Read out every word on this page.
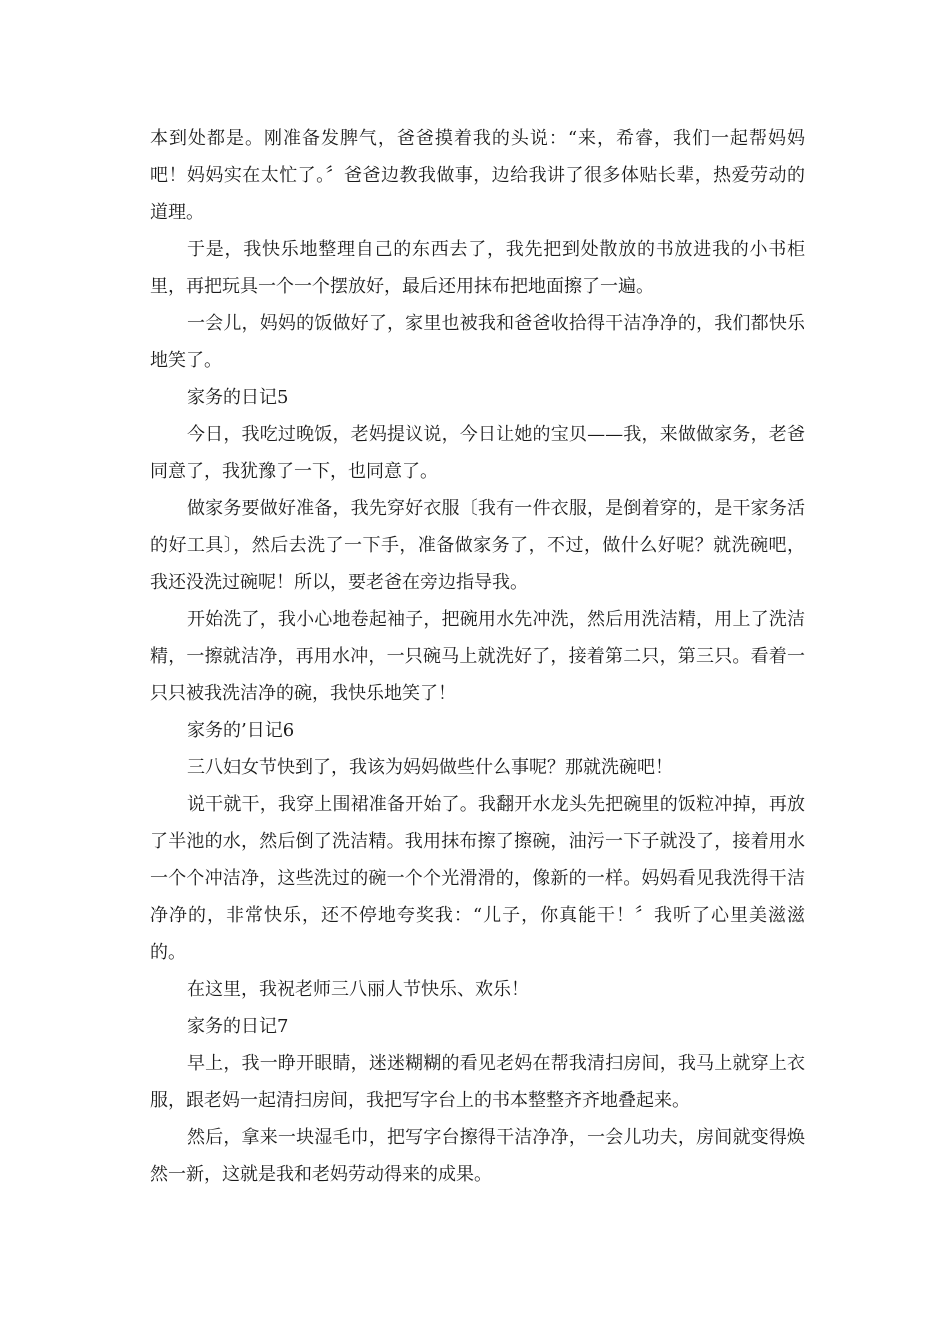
本到处都是。刚准备发脾气，爸爸摸着我的头说：“来，希睿，我们一起帮妈妈吧！妈妈实在太忙了。〞爸爸边教我做事，边给我讲了很多体贴长辈，热爱劳动的道理。

于是，我快乐地整理自己的东西去了，我先把到处散放的书放进我的小书柜里，再把玩具一个一个摆放好，最后还用抹布把地面擦了一遍。

一会儿，妈妈的饭做好了，家里也被我和爸爸收拾得干洁净净的，我们都快乐地笑了。

家务的日记5

今日，我吃过晚饭，老妈提议说，今日让她的宝贝——我，来做做家务，老爸同意了，我犹豫了一下，也同意了。

做家务要做好准备，我先穿好衣服〔我有一件衣服，是倒着穿的，是干家务活的好工具〕，然后去洗了一下手，准备做家务了，不过，做什么好呢？就洗碗吧，我还没洗过碗呢！所以，要老爸在旁边指导我。

开始洗了，我小心地卷起袖子，把碗用水先冲洗，然后用洗洁精，用上了洗洁精，一擦就洁净，再用水冲，一只碗马上就洗好了，接着第二只，第三只。看着一只只被我洗洁净的碗，我快乐地笑了！

家务的’日记6

三八妇女节快到了，我该为妈妈做些什么事呢？那就洗碗吧！

说干就干，我穿上围裙准备开始了。我翻开水龙头先把碗里的饭粒冲掉，再放了半池的水，然后倒了洗洁精。我用抹布擦了擦碗，油污一下子就没了，接着用水一个个冲洁净，这些洗过的碗一个个光滑滑的，像新的一样。妈妈看见我洗得干洁净净的，非常快乐，还不停地夸奖我：“儿子，你真能干！〞我听了心里美滋滋的。

在这里，我祝老师三八丽人节快乐、欢乐！

家务的日记7

早上，我一睁开眼睛，迷迷糊糊的看见老妈在帮我清扫房间，我马上就穿上衣服，跟老妈一起清扫房间，我把写字台上的书本整整齐齐地叠起来。

然后，拿来一块湿毛巾，把写字台擦得干洁净净，一会儿功夫，房间就变得焕然一新，这就是我和老妈劳动得来的成果。
